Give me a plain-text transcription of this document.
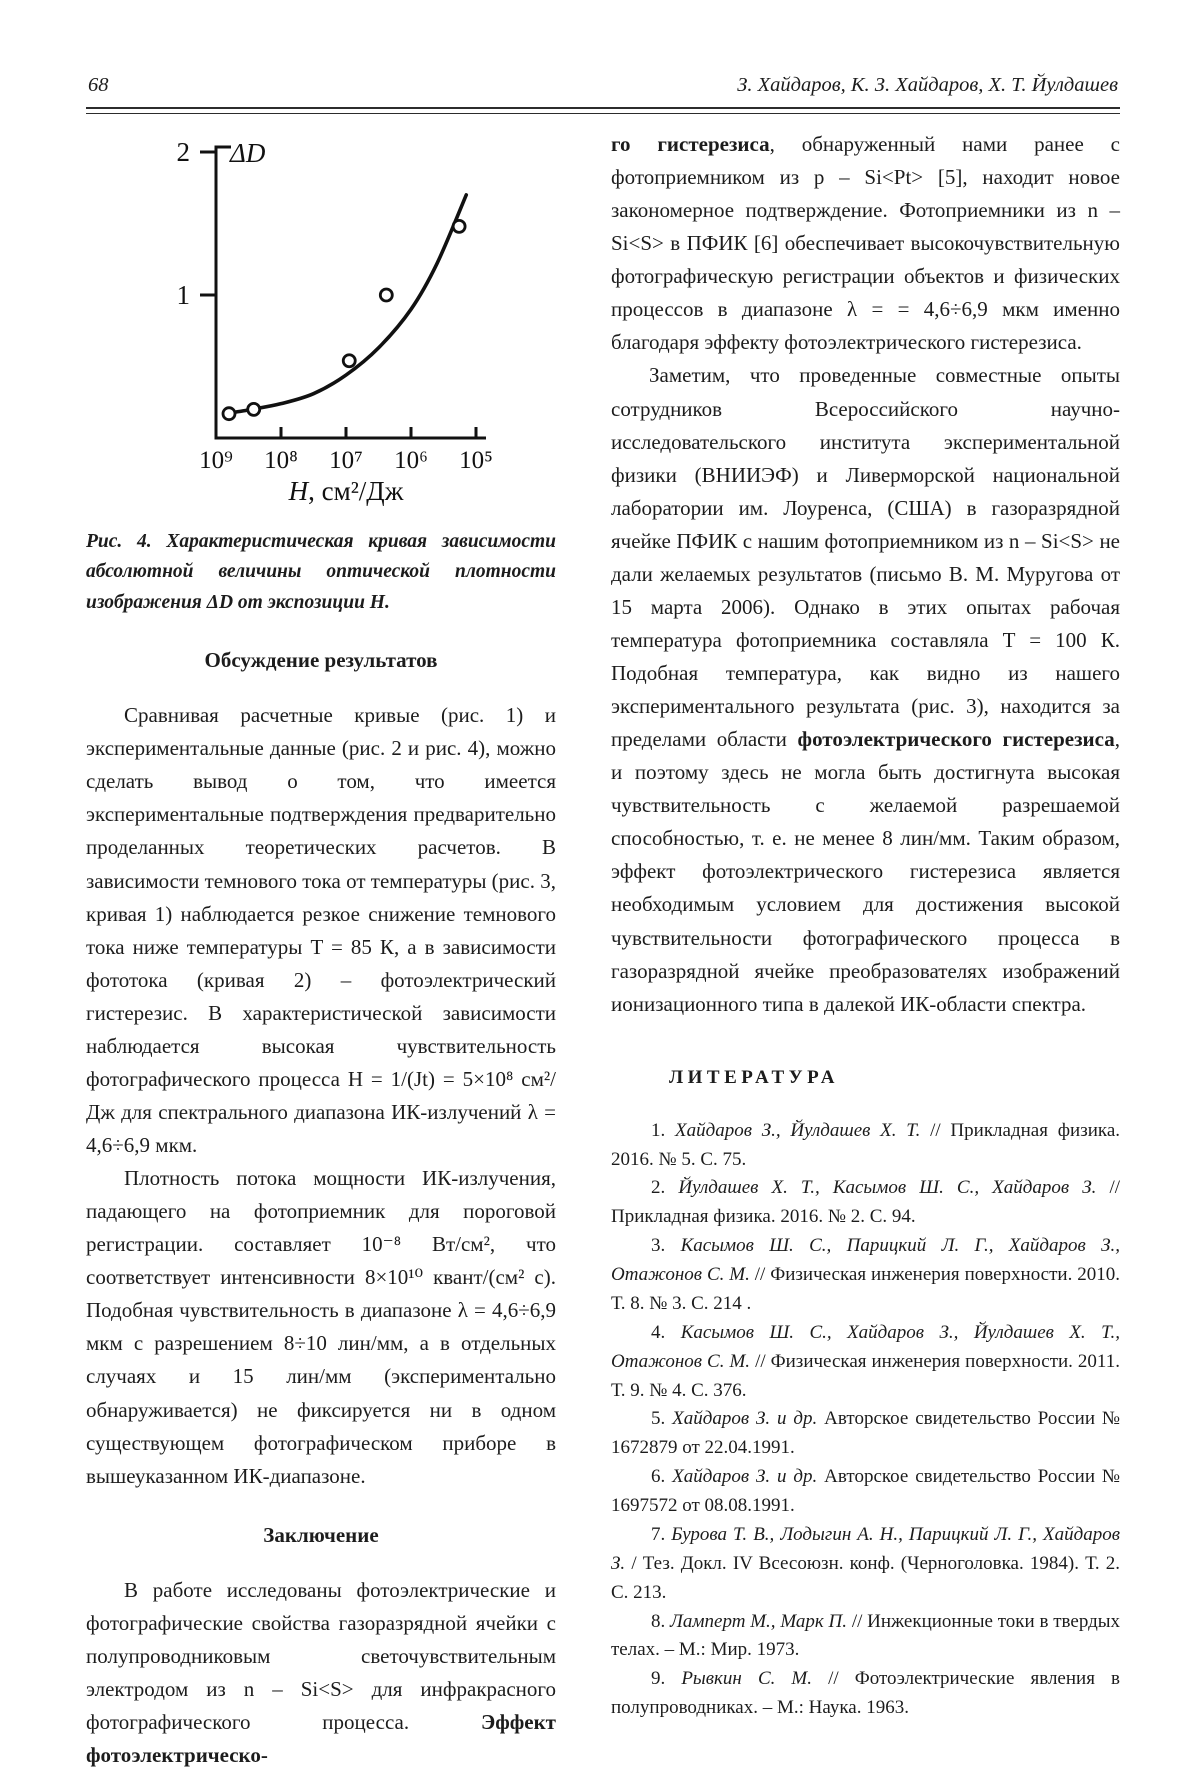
68	З. Хайдаров, К. З. Хайдаров, Х. Т. Йулдашев
2
1
ΔD
10⁹ 10⁸ 10⁷ 10⁶ 10⁵
H, см²/Дж
Рис. 4. Характеристическая кривая зависимости абсолютной величины оптической плотности изображения ΔD от экспозиции Н.
Обсуждение результатов

Сравнивая расчетные кривые (рис. 1) и экспериментальные данные (рис. 2 и рис. 4), можно сделать вывод о том, что имеется экспериментальные подтверждения предварительно проделанных теоретических расчетов. В зависимости темнового тока от температуры (рис. 3, кривая 1) наблюдается резкое снижение темнового тока ниже температуры T = 85 К, а в зависимости фототока (кривая 2) – фотоэлектрический гистерезис. В характеристической зависимости наблюдается высокая чувствительность фотографического процесса H = 1/(Jt) = 5×10⁸ см²/Дж для спектрального диапазона ИК-излучений λ = 4,6÷6,9 мкм.

Плотность потока мощности ИК-излучения, падающего на фотоприемник для пороговой регистрации. составляет 10⁻⁸ Вт/см², что соответствует интенсивности 8×10¹⁰ квант/(см² с). Подобная чувствительность в диапазоне λ = 4,6÷6,9 мкм с разрешением 8÷10 лин/мм, а в отдельных случаях и 15 лин/мм (экспериментально обнаруживается) не фиксируется ни в одном существующем фотографическом приборе в вышеуказанном ИК-диапазоне.

Заключение

В работе исследованы фотоэлектрические и фотографические свойства газоразрядной ячейки с полупроводниковым светочувствительным электродом из n – Si<S> для инфракрасного фотографического процесса. Эффект фотоэлектрическо-

го гистерезиса, обнаруженный нами ранее с фотоприемником из p – Si<Pt> [5], находит новое закономерное подтверждение. Фотоприемники из n – Si<S> в ПФИК [6] обеспечивает высокочувствительную фотографическую регистрации объектов и физических процессов в диапазоне λ = = 4,6÷6,9 мкм именно благодаря эффекту фотоэлектрического гистерезиса.

Заметим, что проведенные совместные опыты сотрудников Всероссийского научно-исследовательского института экспериментальной физики (ВНИИЭФ) и Ливерморской национальной лаборатории им. Лоуренса, (США) в газоразрядной ячейке ПФИК с нашим фотоприемником из n – Si<S> не дали желаемых результатов (письмо В. М. Муругова от 15 марта 2006). Однако в этих опытах рабочая температура фотоприемника составляла T = 100 К. Подобная температура, как видно из нашего экспериментального результата (рис. 3), находится за пределами области фотоэлектрического гистерезиса, и поэтому здесь не могла быть достигнута высокая чувствительность с желаемой разрешаемой способностью, т. е. не менее 8 лин/мм. Таким образом, эффект фотоэлектрического гистерезиса является необходимым условием для достижения высокой чувствительности фотографического процесса в газоразрядной ячейке преобразователях изображений ионизационного типа в далекой ИК-области спектра.

ЛИТЕРАТУРА

1. Хайдаров З., Йулдашев Х. Т. // Прикладная физика. 2016. № 5. С. 75.

2. Йулдашев Х. Т., Касымов Ш. С., Хайдаров З. // Прикладная физика. 2016. № 2. С. 94.

3. Касымов Ш. С., Парицкий Л. Г., Хайдаров З., Отажонов С. М. // Физическая инженерия поверхности. 2010. Т. 8. № 3. С. 214 .

4. Касымов Ш. С., Хайдаров З., Йулдашев Х. Т., Отажонов С. М. // Физическая инженерия поверхности. 2011. Т. 9. № 4. С. 376.

5. Хайдаров З. и др. Авторское свидетельство России № 1672879 от 22.04.1991.

6. Хайдаров З. и др. Авторское свидетельство России № 1697572 от 08.08.1991.

7. Бурова Т. В., Лодыгин А. Н., Парицкий Л. Г., Хайдаров З. / Тез. Докл. IV Всесоюзн. конф. (Черноголовка. 1984). Т. 2. С. 213.

8. Ламперт М., Марк П. // Инжекционные токи в твердых телах. – М.: Мир. 1973.

9. Рывкин С. М. // Фотоэлектрические явления в полупроводниках. – М.: Наука. 1963.
